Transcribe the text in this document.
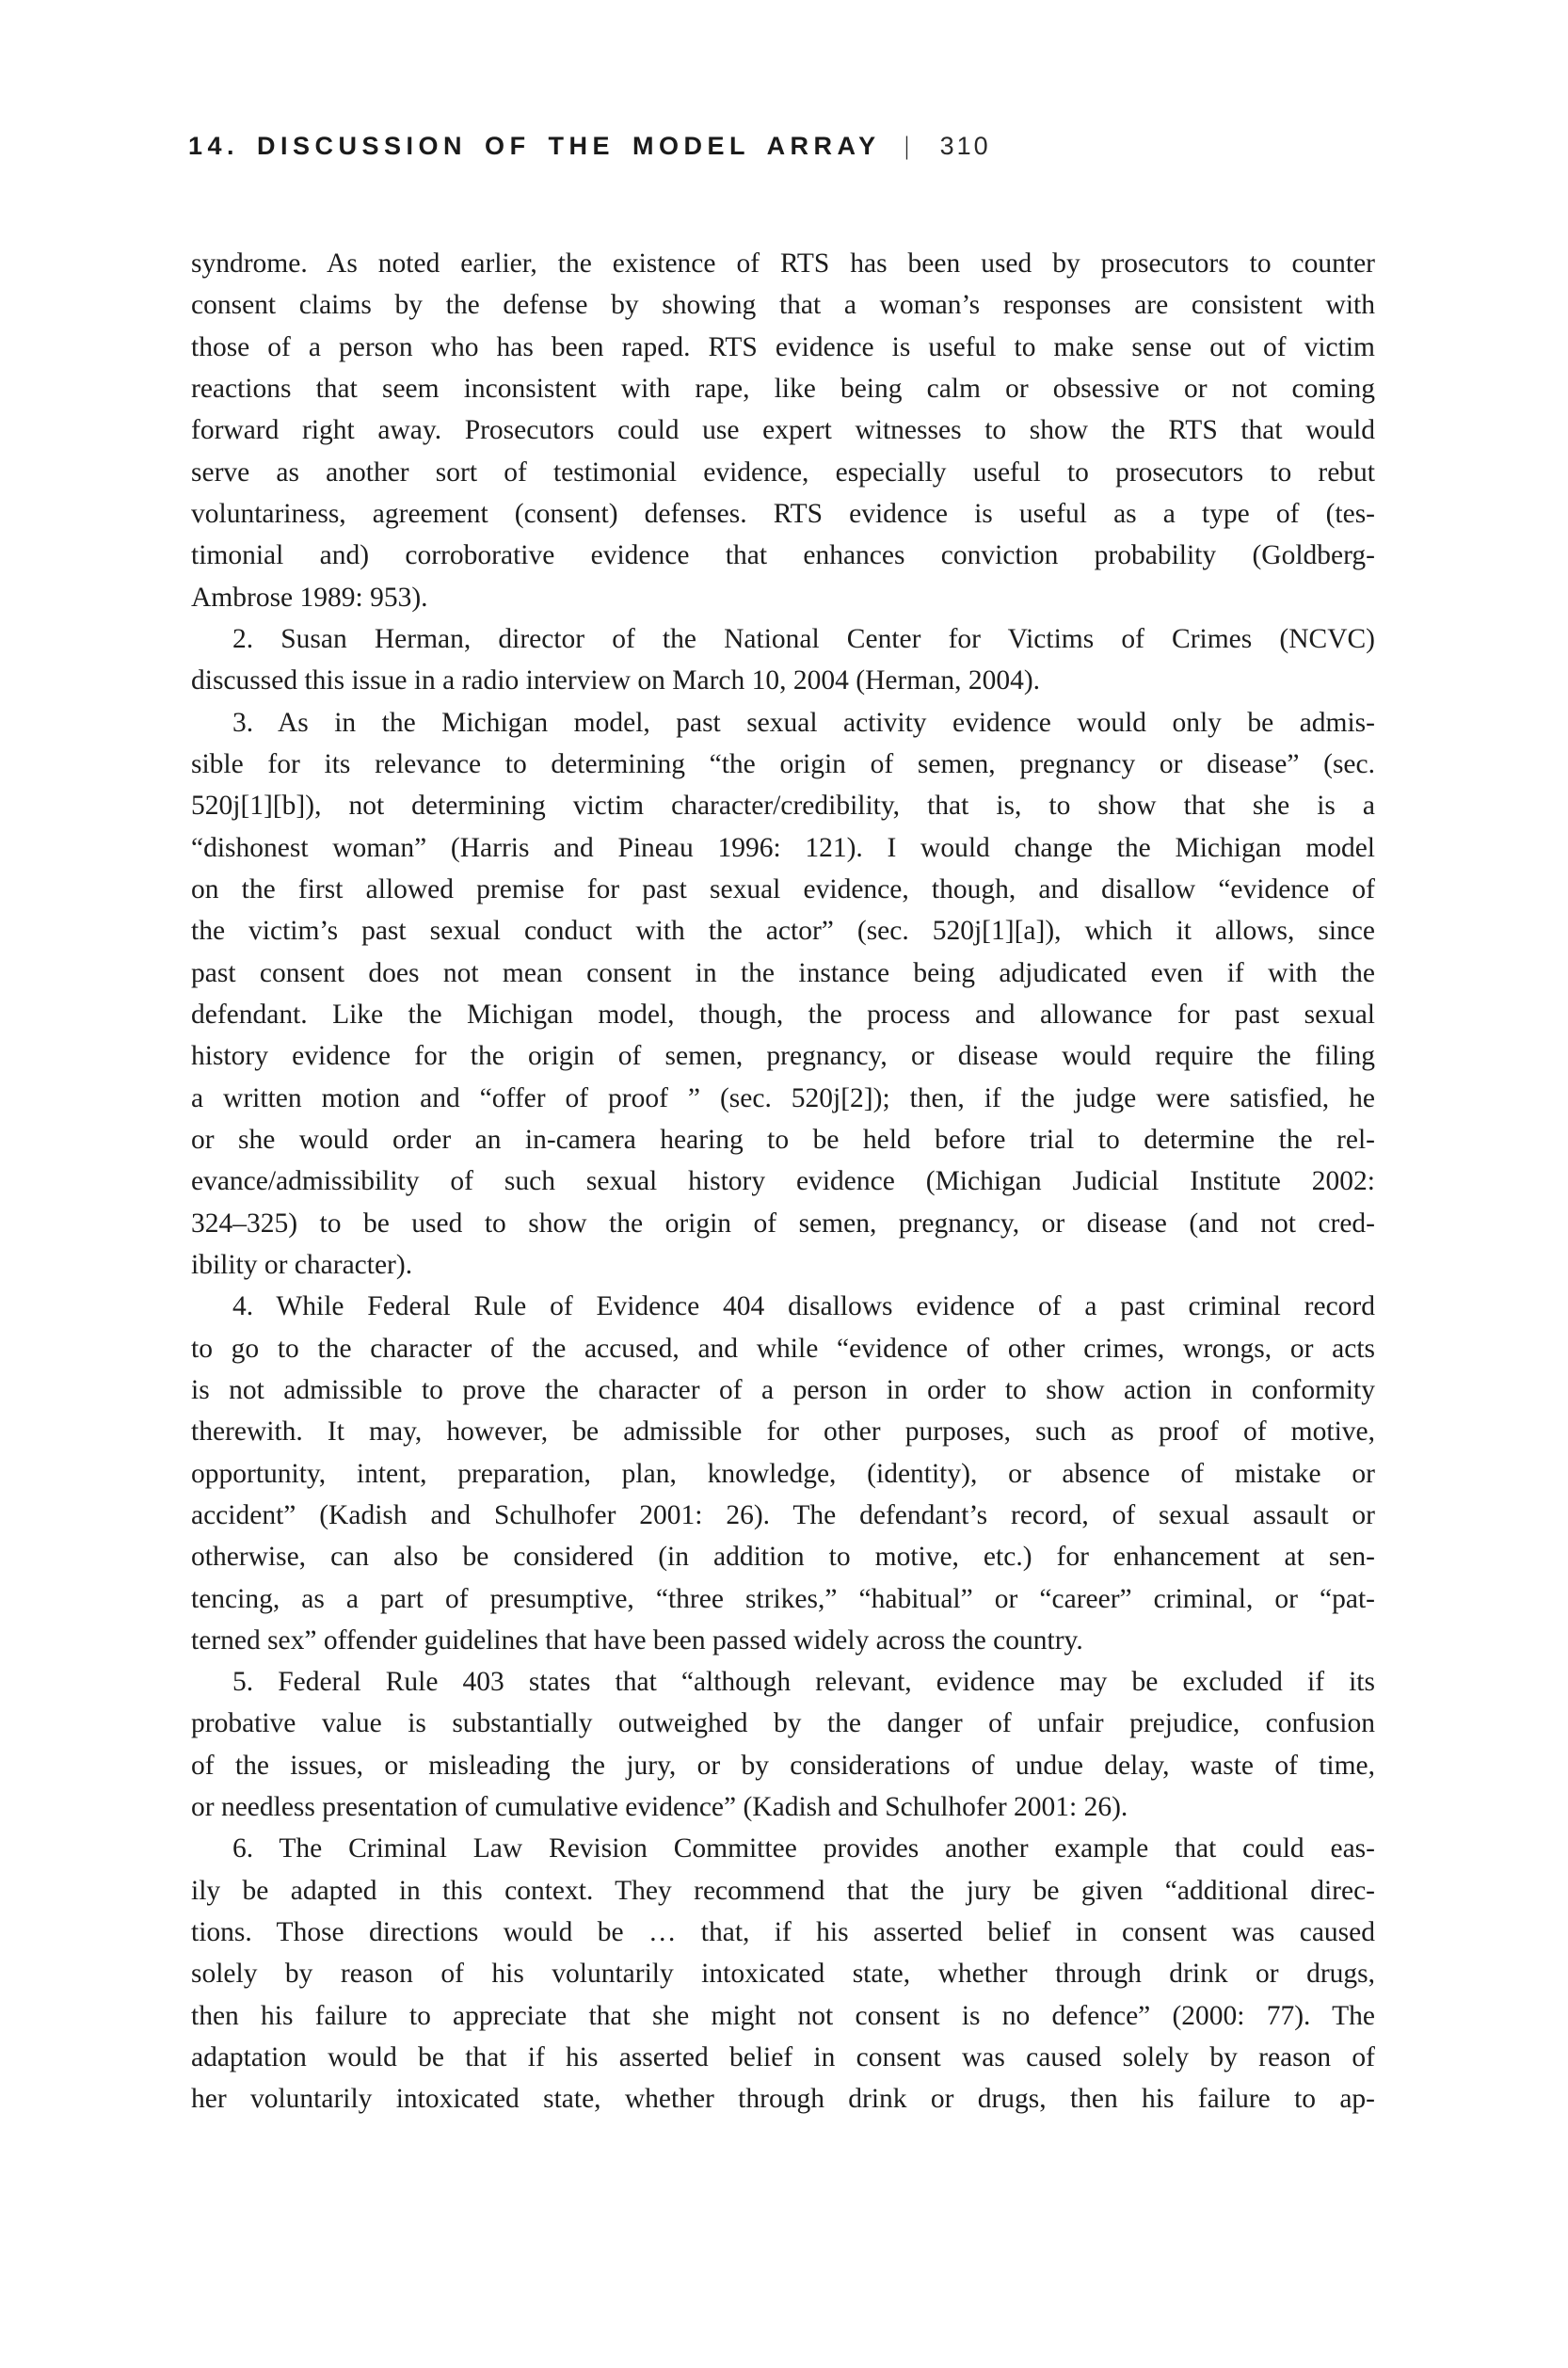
14. DISCUSSION OF THE MODEL ARRAY | 310
syndrome. As noted earlier, the existence of RTS has been used by prosecutors to counter
consent claims by the defense by showing that a woman’s responses are consistent with
those of a person who has been raped. RTS evidence is useful to make sense out of victim
reactions that seem inconsistent with rape, like being calm or obsessive or not coming
forward right away. Prosecutors could use expert witnesses to show the RTS that would
serve as another sort of testimonial evidence, especially useful to prosecutors to rebut
voluntariness, agreement (consent) defenses. RTS evidence is useful as a type of (tes-
timonial and) corroborative evidence that enhances conviction probability (Goldberg-
Ambrose 1989: 953).
2. Susan Herman, director of the National Center for Victims of Crimes (NCVC)
discussed this issue in a radio interview on March 10, 2004 (Herman, 2004).
3. As in the Michigan model, past sexual activity evidence would only be admis-
sible for its relevance to determining “the origin of semen, pregnancy or disease” (sec.
520j[1][b]), not determining victim character/credibility, that is, to show that she is a
“dishonest woman” (Harris and Pineau 1996: 121). I would change the Michigan model
on the first allowed premise for past sexual evidence, though, and disallow “evidence of
the victim’s past sexual conduct with the actor” (sec. 520j[1][a]), which it allows, since
past consent does not mean consent in the instance being adjudicated even if with the
defendant. Like the Michigan model, though, the process and allowance for past sexual
history evidence for the origin of semen, pregnancy, or disease would require the filing
a written motion and “offer of proof ” (sec. 520j[2]); then, if the judge were satisfied, he
or she would order an in-camera hearing to be held before trial to determine the rel-
evance/admissibility of such sexual history evidence (Michigan Judicial Institute 2002:
324–325) to be used to show the origin of semen, pregnancy, or disease (and not cred-
ibility or character).
4. While Federal Rule of Evidence 404 disallows evidence of a past criminal record
to go to the character of the accused, and while “evidence of other crimes, wrongs, or acts
is not admissible to prove the character of a person in order to show action in conformity
therewith. It may, however, be admissible for other purposes, such as proof of motive,
opportunity, intent, preparation, plan, knowledge, (identity), or absence of mistake or
accident” (Kadish and Schulhofer 2001: 26). The defendant’s record, of sexual assault or
otherwise, can also be considered (in addition to motive, etc.) for enhancement at sen-
tencing, as a part of presumptive, “three strikes,” “habitual” or “career” criminal, or “pat-
terned sex” offender guidelines that have been passed widely across the country.
5. Federal Rule 403 states that “although relevant, evidence may be excluded if its
probative value is substantially outweighed by the danger of unfair prejudice, confusion
of the issues, or misleading the jury, or by considerations of undue delay, waste of time,
or needless presentation of cumulative evidence” (Kadish and Schulhofer 2001: 26).
6. The Criminal Law Revision Committee provides another example that could eas-
ily be adapted in this context. They recommend that the jury be given “additional direc-
tions. Those directions would be … that, if his asserted belief in consent was caused
solely by reason of his voluntarily intoxicated state, whether through drink or drugs,
then his failure to appreciate that she might not consent is no defence” (2000: 77). The
adaptation would be that if his asserted belief in consent was caused solely by reason of
her voluntarily intoxicated state, whether through drink or drugs, then his failure to ap-
